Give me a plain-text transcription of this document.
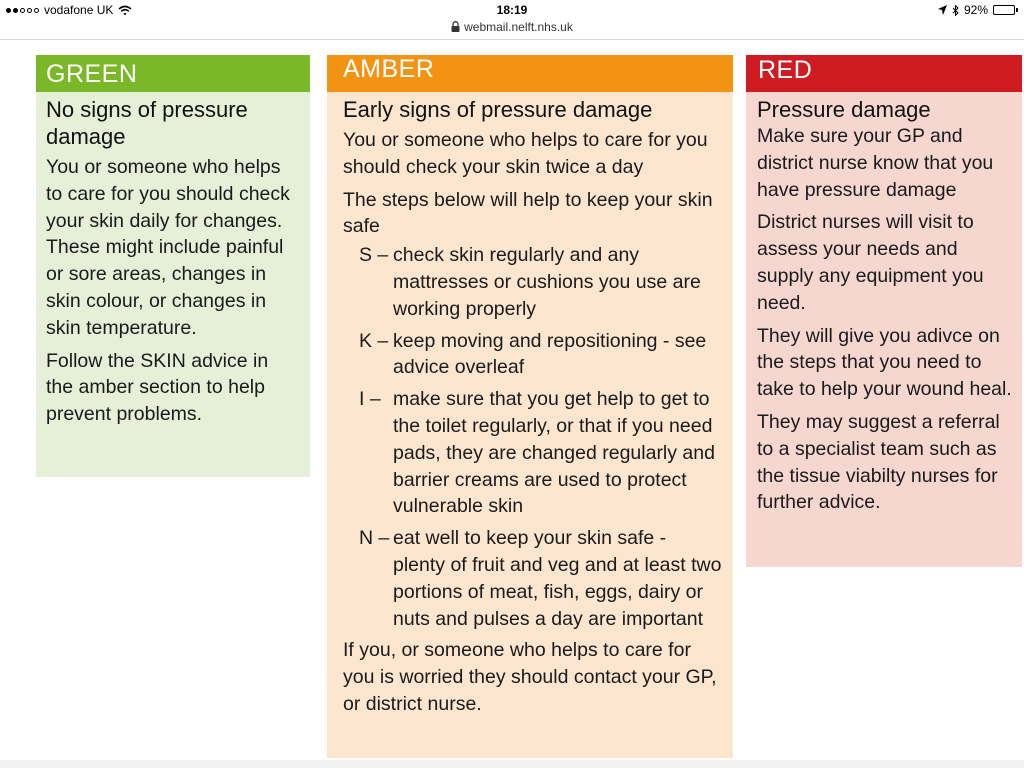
vodafone UK	18:19	92%
webmail.nelft.nhs.uk
GREEN
No signs of pressure damage

You or someone who helps to care for you should check your skin daily for changes. These might include painful or sore areas, changes in skin colour, or changes in skin temperature.

Follow the SKIN advice in the amber section to help prevent problems.

AMBER
Early signs of pressure damage

You or someone who helps to care for you should check your skin twice a day

The steps below will help to keep your skin safe

S – check skin regularly and any mattresses or cushions you use are working properly
K – keep moving and repositioning - see advice overleaf
I – make sure that you get help to get to the toilet regularly, or that if you need pads, they are changed regularly and barrier creams are used to protect vulnerable skin
N – eat well to keep your skin safe - plenty of fruit and veg and at least two portions of meat, fish, eggs, dairy or nuts and pulses a day are important

If you, or someone who helps to care for you is worried they should contact your GP, or district nurse.

RED
Pressure damage

Make sure your GP and district nurse know that you have pressure damage

District nurses will visit to assess your needs and supply any equipment you need.

They will give you adivce on the steps that you need to take to help your wound heal.

They may suggest a referral to a specialist team such as the tissue viabilty nurses for further advice.
